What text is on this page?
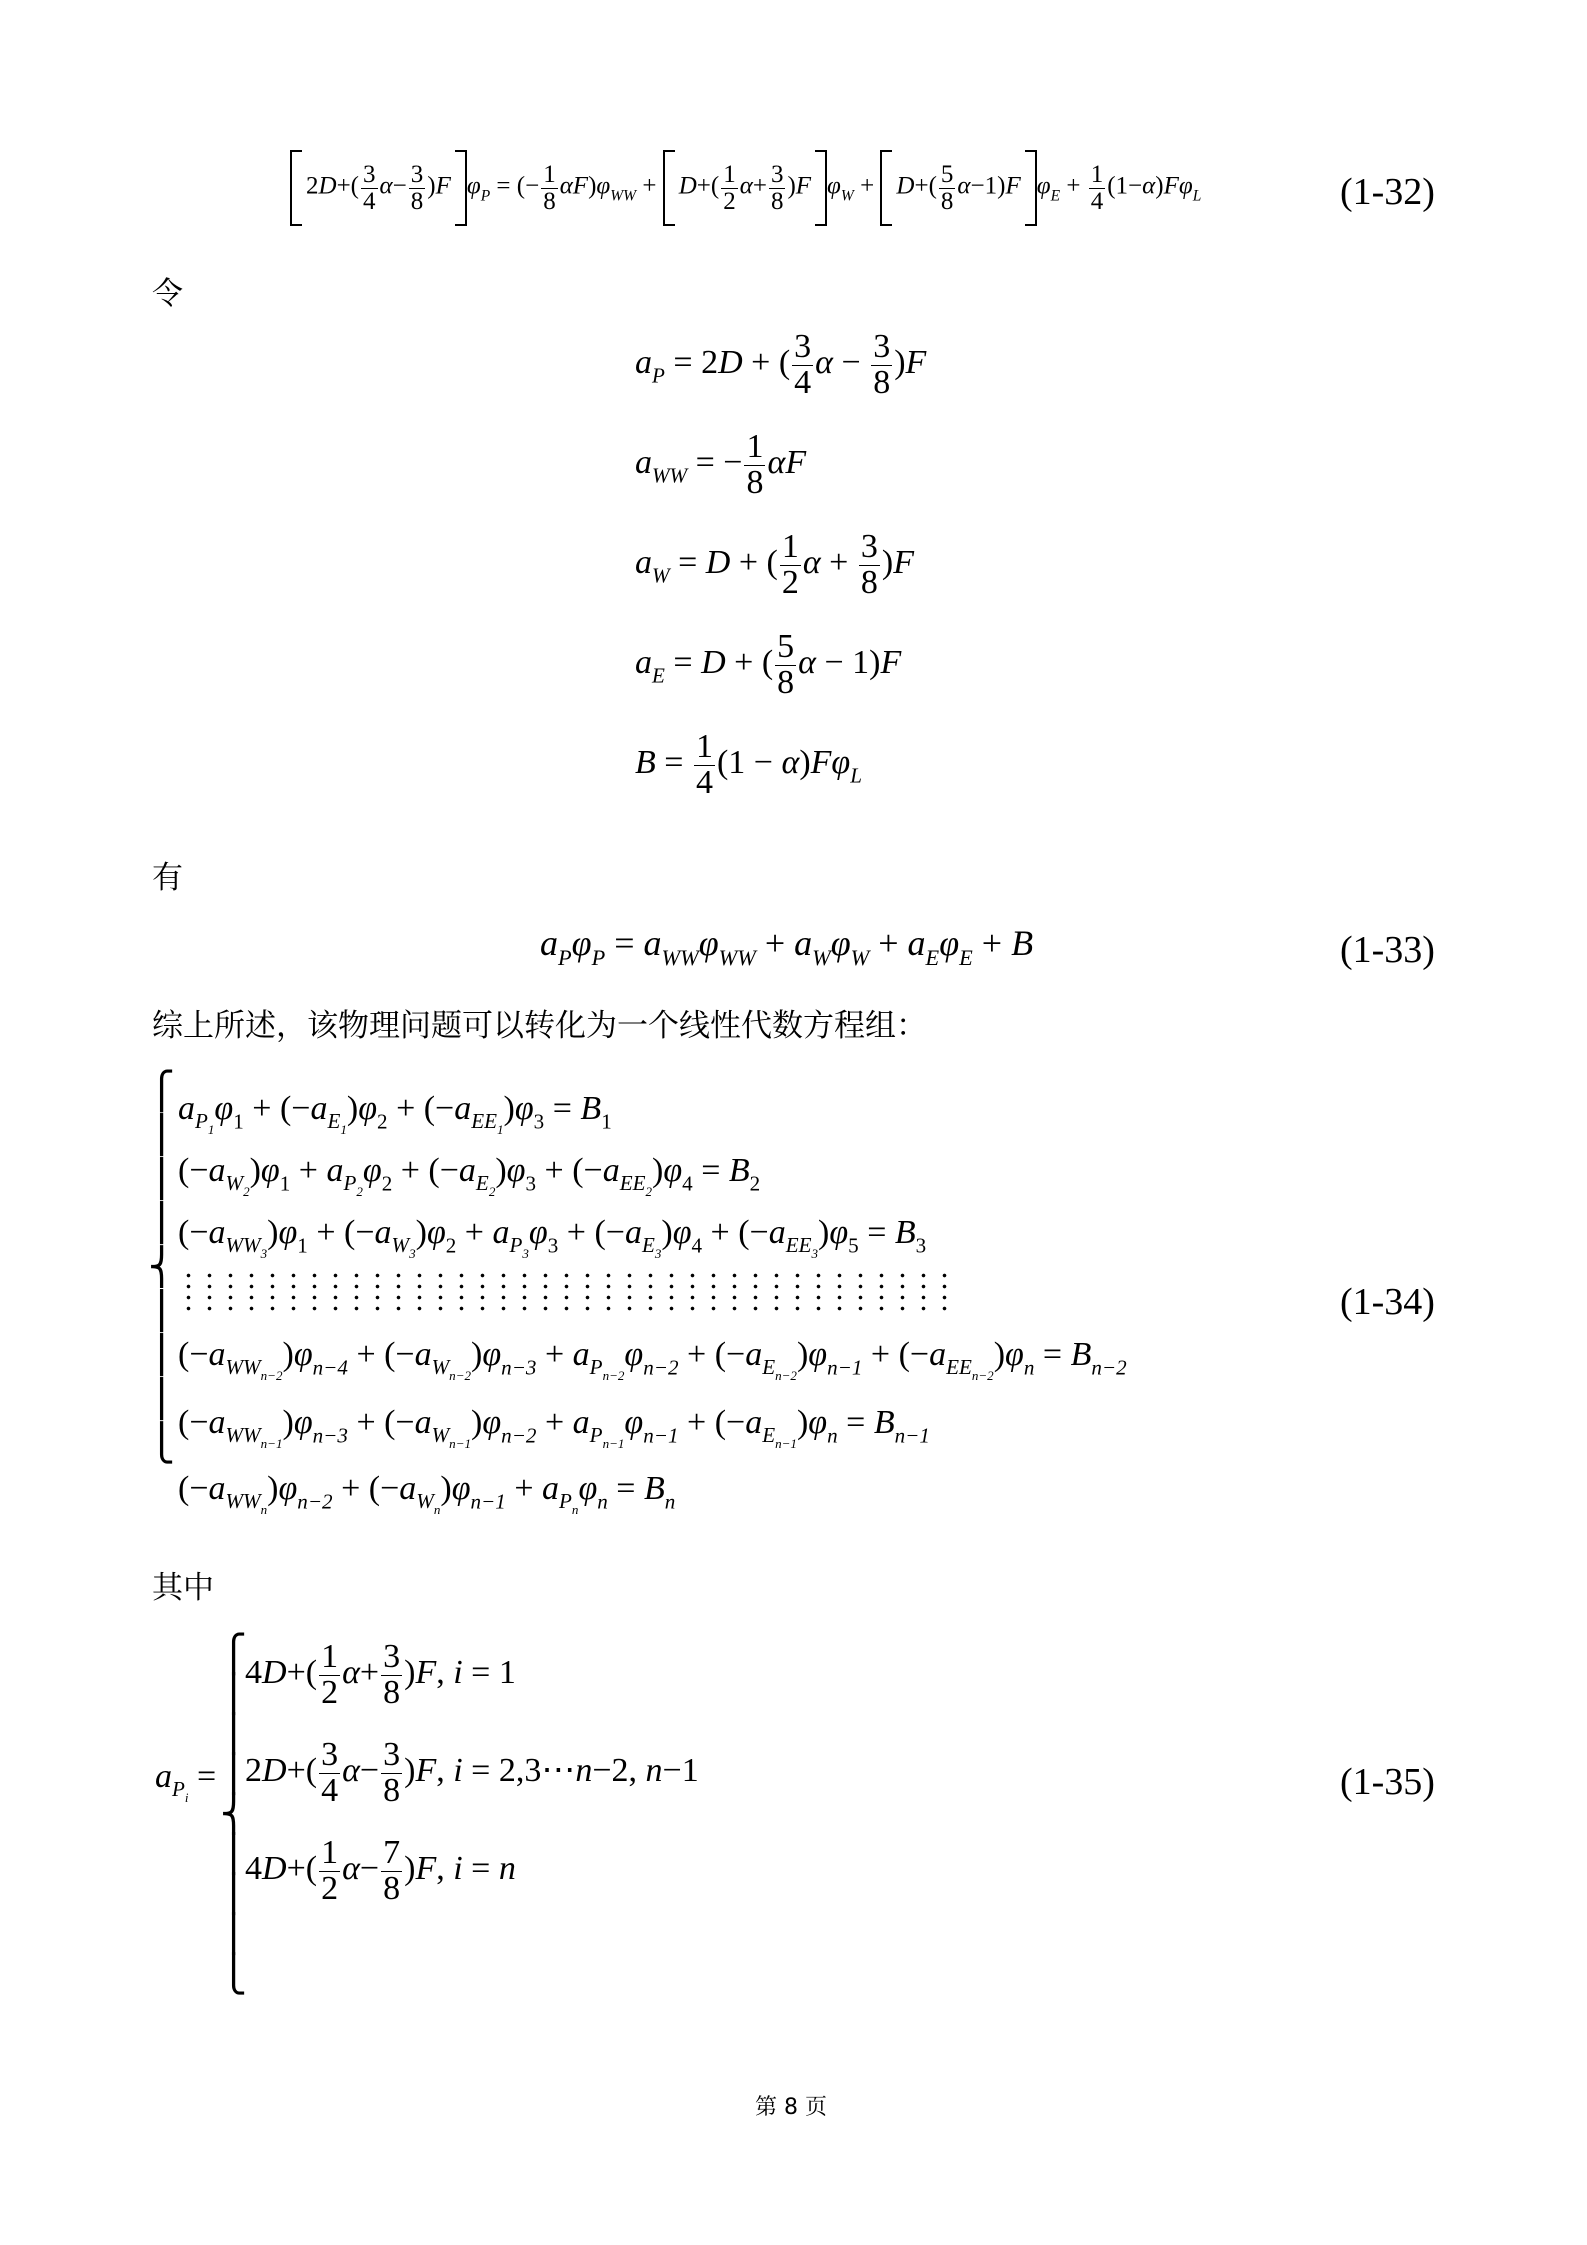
$2D+( \frac{3}{4} \alpha- \frac{3}{8} )F$ $\varphi_P$ = (− $\frac{1}{8} \alpha F)\varphi_{WW} + D+( \frac{1}{2} \alpha+ \frac{3}{8} )F$ $\varphi_W + D+( \frac{5}{8} \alpha-1)F$ $\varphi_E + \frac{1}{4} (1-\alpha)F\varphi_L$	(1-32)
令
$a_P = 2D$ + ( $\frac{3}{4}$ $\alpha - \frac{3}{8} )F$
$a_{WW}$ = − $\frac{1}{8}$ αF
$a_W = D$ + ( $\frac{1}{2}$ $\alpha + \frac{3}{8} )F$
$a_E = D$ + ( $\frac{5}{8}$ α − 1)F
$B = \frac{1}{4} (1 - \alpha)F\varphi_L$
有
$a_P\varphi_P = a_{WW}\varphi_{WW} + a_W\varphi_W + a_E\varphi_E + B$	(1-33)
综上所述，该物理问题可以转化为一个线性代数方程组：
⎧
⎪
⎪
⎪
⎨
⎪
⎪
⎪
⎩
$a_{P_1}\varphi_1 + (-a_{E_1})\varphi_2 + (-a_{EE_1})\varphi_3 = B_1$
$(-a_{W_2})\varphi_1 + a_{P_2}\varphi_2 + (-a_{E_2})\varphi_3 + (-a_{EE_2})\varphi_4 = B_2$
$(-a_{WW_3})\varphi_1 + (-a_{W_3})\varphi_2 + a_{P_3}\varphi_3 + (-a_{E_3})\varphi_4 + (-a_{EE_3})\varphi_5 = B_3$
$(-a_{WW_{n-2}})\varphi_{n-4} + (-a_{W_{n-2}})\varphi_{n-3} + a_{P_{n-2}}\varphi_{n-2} + (-a_{E_{n-2}})\varphi_{n-1} + (-a_{EE_{n-2}})\varphi_n = B_{n-2}$
$(-a_{WW_{n-1}})\varphi_{n-3} + (-a_{W_{n-1}})\varphi_{n-2} + a_{P_{n-1}}\varphi_{n-1} + (-a_{E_{n-1}})\varphi_n = B_{n-1}$
$(-a_{WW_n})\varphi_{n-2} + (-a_{W_n})\varphi_{n-1} + a_{P_n}\varphi_n = B_n$
(1-34)
其中
$a_{P_i}$ =
⎧
⎪
⎪
⎪
⎨
⎪
⎪
⎪
⎩
$4D+( \frac{1}{2} \alpha+ \frac{3}{8} )F$, i = 1
$2D+( \frac{3}{4} \alpha- \frac{3}{8} )F$, i = 2,3⋯n−2, n−1
$4D+( \frac{1}{2} \alpha- \frac{7}{8} )F$, i = n
(1-35)
第 8 页
